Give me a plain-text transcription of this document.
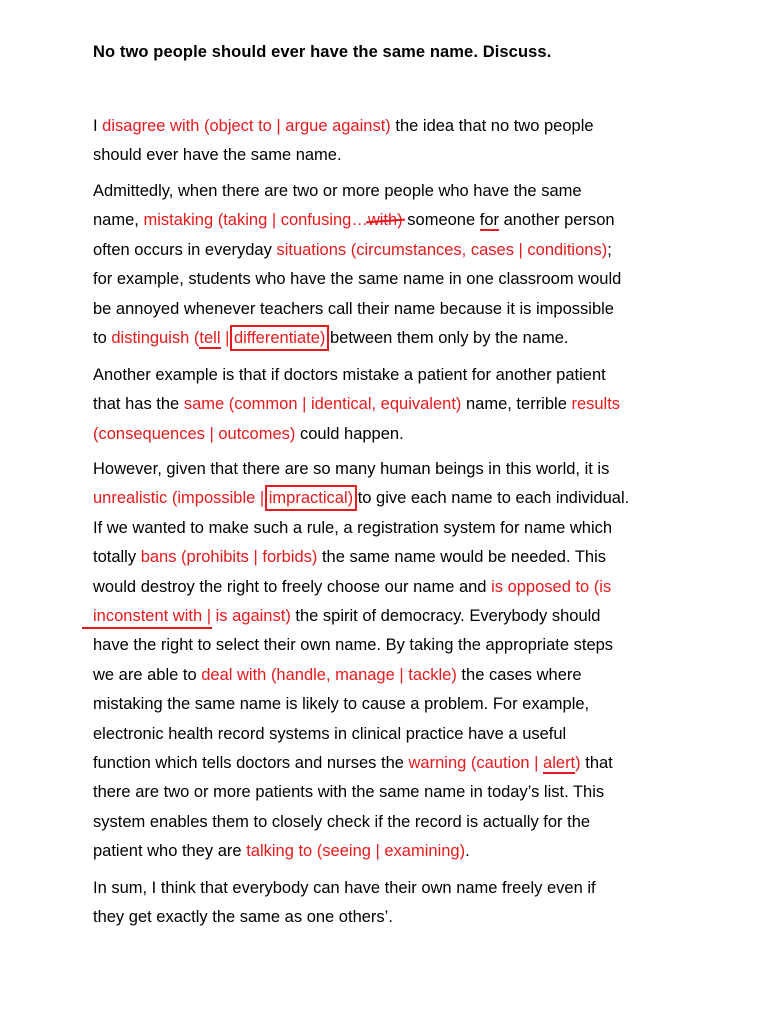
No two people should ever have the same name. Discuss.
I disagree with (object to | argue against) the idea that no two people
should ever have the same name.
Admittedly, when there are two or more people who have the same
name, mistaking (taking | confusing…with) someone for another person
often occurs in everyday situations (circumstances, cases | conditions);
for example, students who have the same name in one classroom would
be annoyed whenever teachers call their name because it is impossible
to distinguish (tell | differentiate) between them only by the name.
Another example is that if doctors mistake a patient for another patient
that has the same (common | identical, equivalent) name, terrible results
(consequences | outcomes) could happen.
However, given that there are so many human beings in this world, it is
unrealistic (impossible | impractical) to give each name to each individual.
If we wanted to make such a rule, a registration system for name which
totally bans (prohibits | forbids) the same name would be needed. This
would destroy the right to freely choose our name and is opposed to (is
inconstent with | is against) the spirit of democracy. Everybody should
have the right to select their own name. By taking the appropriate steps
we are able to deal with (handle, manage | tackle) the cases where
mistaking the same name is likely to cause a problem. For example,
electronic health record systems in clinical practice have a useful
function which tells doctors and nurses the warning (caution | alert) that
there are two or more patients with the same name in today’s list. This
system enables them to closely check if the record is actually for the
patient who they are talking to (seeing | examining).
In sum, I think that everybody can have their own name freely even if
they get exactly the same as one others’.
